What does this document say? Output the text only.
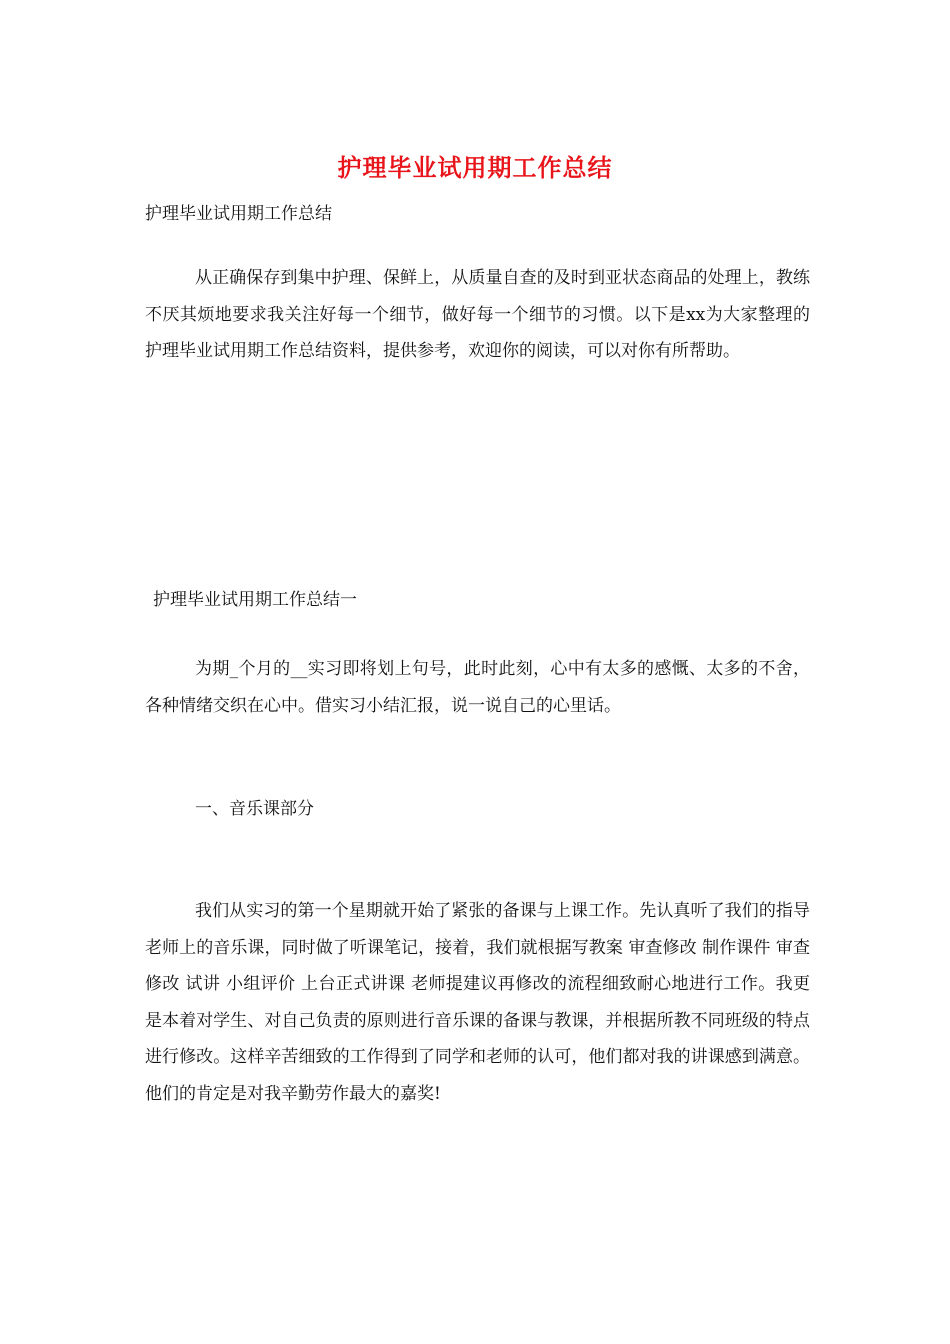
护理毕业试用期工作总结
护理毕业试用期工作总结
从正确保存到集中护理、保鲜上，从质量自查的及时到亚状态商品的处理上，教练不厌其烦地要求我关注好每一个细节，做好每一个细节的习惯。以下是xx为大家整理的护理毕业试用期工作总结资料，提供参考，欢迎你的阅读，可以对你有所帮助。
护理毕业试用期工作总结一
为期_个月的__实习即将划上句号，此时此刻，心中有太多的感慨、太多的不舍，各种情绪交织在心中。借实习小结汇报，说一说自己的心里话。
一、音乐课部分
我们从实习的第一个星期就开始了紧张的备课与上课工作。先认真听了我们的指导老师上的音乐课，同时做了听课笔记，接着，我们就根据写教案 审查修改 制作课件 审查修改 试讲 小组评价 上台正式讲课 老师提建议再修改的流程细致耐心地进行工作。我更是本着对学生、对自己负责的原则进行音乐课的备课与教课，并根据所教不同班级的特点进行修改。这样辛苦细致的工作得到了同学和老师的认可，他们都对我的讲课感到满意。他们的肯定是对我辛勤劳作最大的嘉奖!
